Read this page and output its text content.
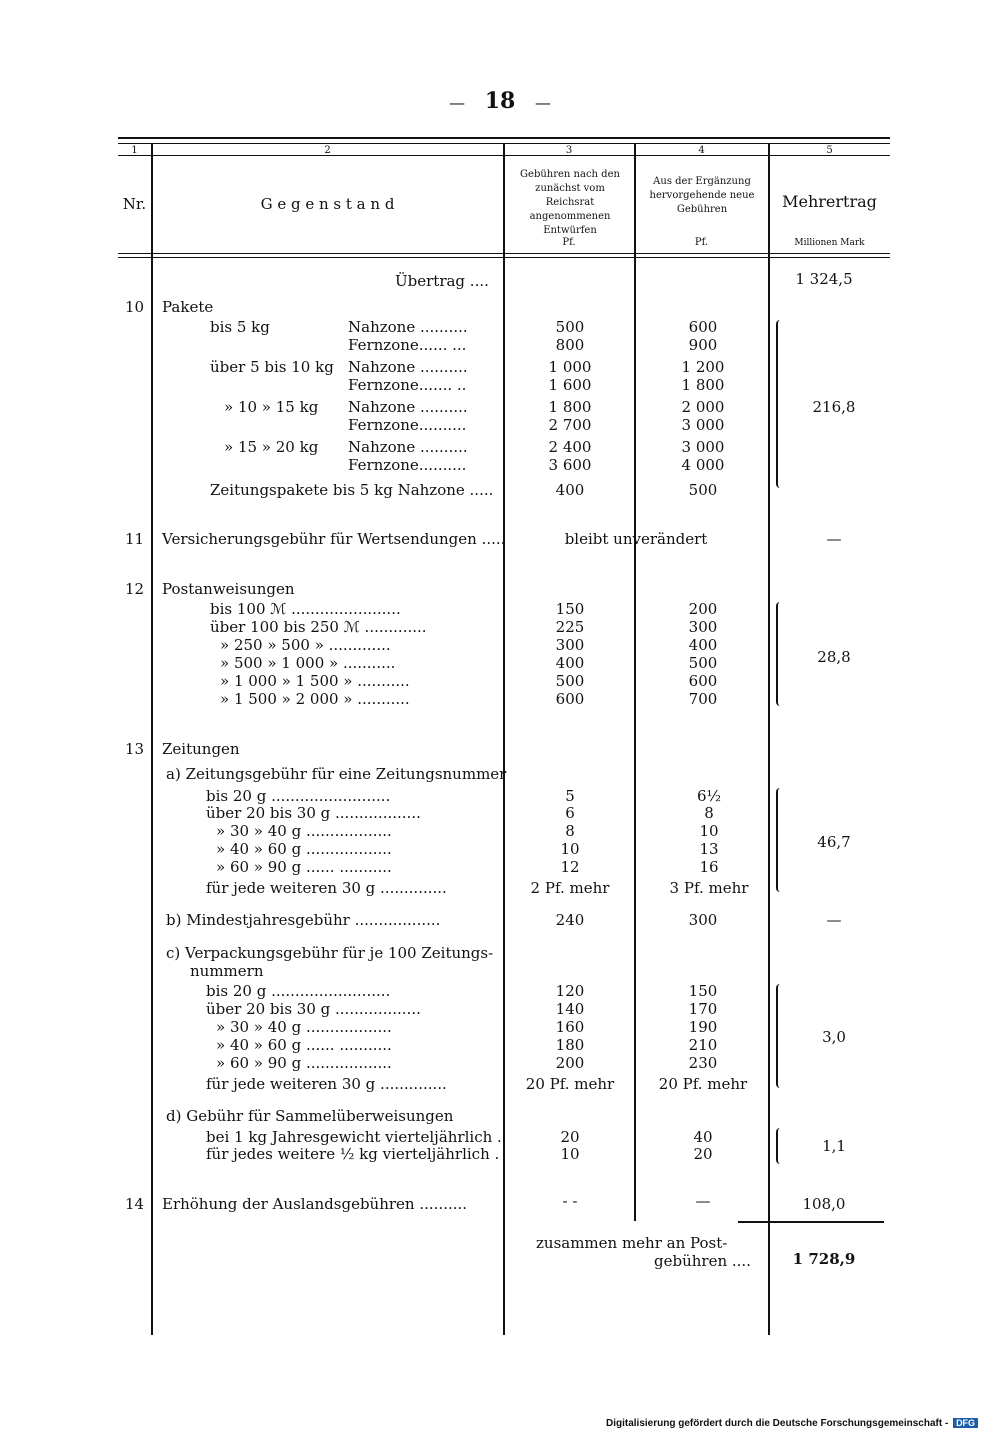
— 18 —
1	2	3	4	5
Nr.	G e g e n s t a n d
Gebühren nach den zunächst vom Reichsrat angenommenen Entwürfen
Aus der Ergänzung hervorgehende neue Gebühren	Mehrertrag
Pf.	Pf.	Millionen Mark
Übertrag ....	1 324,5
10	Pakete
bis 5 kg	Nahzone ..........	500	600
Fernzone...... ...	800	900
über 5 bis 10 kg Nahzone ..........	1 000	1 200
Fernzone....... ..	1 600	1 800
» 10 » 15 kg Nahzone ..........	1 800	2 000
Fernzone..........	2 700	3 000
» 15 » 20 kg Nahzone ..........	2 400	3 000
Fernzone..........	3 600	4 000
Zeitungspakete bis 5 kg Nahzone .....	400	500
216,8
11	Versicherungsgebühr für Wertsendungen .....	bleibt unverändert	—
12	Postanweisungen
bis 100 ℳ .......................	150	200
über 100 bis 250 ℳ .............	225	300
» 250 » 500 » .............	300	400
» 500 » 1 000 » ...........	400	500
» 1 000 » 1 500 » ...........	500	600
» 1 500 » 2 000 » ...........	600	700
28,8
13	Zeitungen
a) Zeitungsgebühr für eine Zeitungsnummer
bis 20 g .........................	5	6½
über 20 bis 30 g ..................	6	8
» 30 » 40 g ..................	8	10
» 40 » 60 g ..................	10	13
» 60 » 90 g ...... ...........	12	16
für jede weiteren 30 g ..............	2 Pf. mehr	3 Pf. mehr
46,7
b) Mindestjahresgebühr ..................	240	300	—
c) Verpackungsgebühr für je 100 Zeitungs-
nummern
bis 20 g .........................	120	150
über 20 bis 30 g ..................	140	170
» 30 » 40 g ..................	160	190
» 40 » 60 g ...... ...........	180	210
» 60 » 90 g ..................	200	230
für jede weiteren 30 g ..............	20 Pf. mehr	20 Pf. mehr
3,0
d) Gebühr für Sammelüberweisungen
bei 1 kg Jahresgewicht vierteljährlich .	20	40
für jedes weitere ½ kg vierteljährlich .	10	20	1,1
14	Erhöhung der Auslandsgebühren ..........	- -	—	108,0
zusammen mehr an Post-
gebühren ....	1 728,9
Digitalisierung gefördert durch die Deutsche Forschungsgemeinschaft - DFG
